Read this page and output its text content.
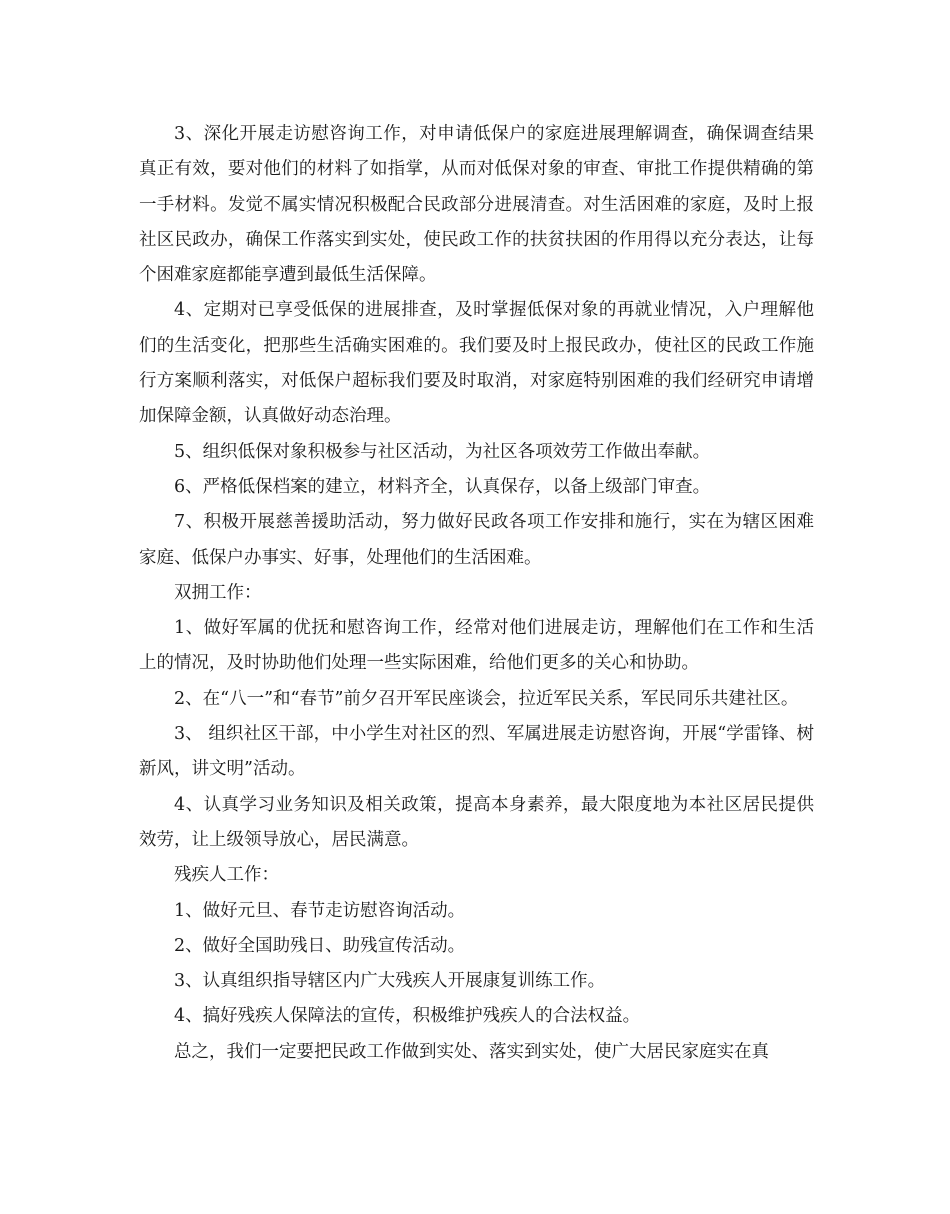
3、深化开展走访慰咨询工作，对申请低保户的家庭进展理解调查，确保调查结果真正有效，要对他们的材料了如指掌，从而对低保对象的审查、审批工作提供精确的第一手材料。发觉不属实情况积极配合民政部分进展清查。对生活困难的家庭，及时上报社区民政办，确保工作落实到实处，使民政工作的扶贫扶困的作用得以充分表达，让每个困难家庭都能享遭到最低生活保障。

4、定期对已享受低保的进展排查，及时掌握低保对象的再就业情况，入户理解他们的生活变化，把那些生活确实困难的。我们要及时上报民政办，使社区的民政工作施行方案顺利落实，对低保户超标我们要及时取消，对家庭特别困难的我们经研究申请增加保障金额，认真做好动态治理。

5、组织低保对象积极参与社区活动，为社区各项效劳工作做出奉献。

6、严格低保档案的建立，材料齐全，认真保存，以备上级部门审查。

7、积极开展慈善援助活动，努力做好民政各项工作安排和施行，实在为辖区困难家庭、低保户办事实、好事，处理他们的生活困难。

双拥工作：

1、做好军属的优抚和慰咨询工作，经常对他们进展走访，理解他们在工作和生活上的情况，及时协助他们处理一些实际困难，给他们更多的关心和协助。

2、在“八一”和“春节”前夕召开军民座谈会，拉近军民关系，军民同乐共建社区。

3、 组织社区干部，中小学生对社区的烈、军属进展走访慰咨询，开展“学雷锋、树新风，讲文明”活动。

4、认真学习业务知识及相关政策，提高本身素养，最大限度地为本社区居民提供效劳，让上级领导放心，居民满意。

残疾人工作：

1、做好元旦、春节走访慰咨询活动。

2、做好全国助残日、助残宣传活动。

3、认真组织指导辖区内广大残疾人开展康复训练工作。

4、搞好残疾人保障法的宣传，积极维护残疾人的合法权益。

总之，我们一定要把民政工作做到实处、落实到实处，使广大居民家庭实在真
